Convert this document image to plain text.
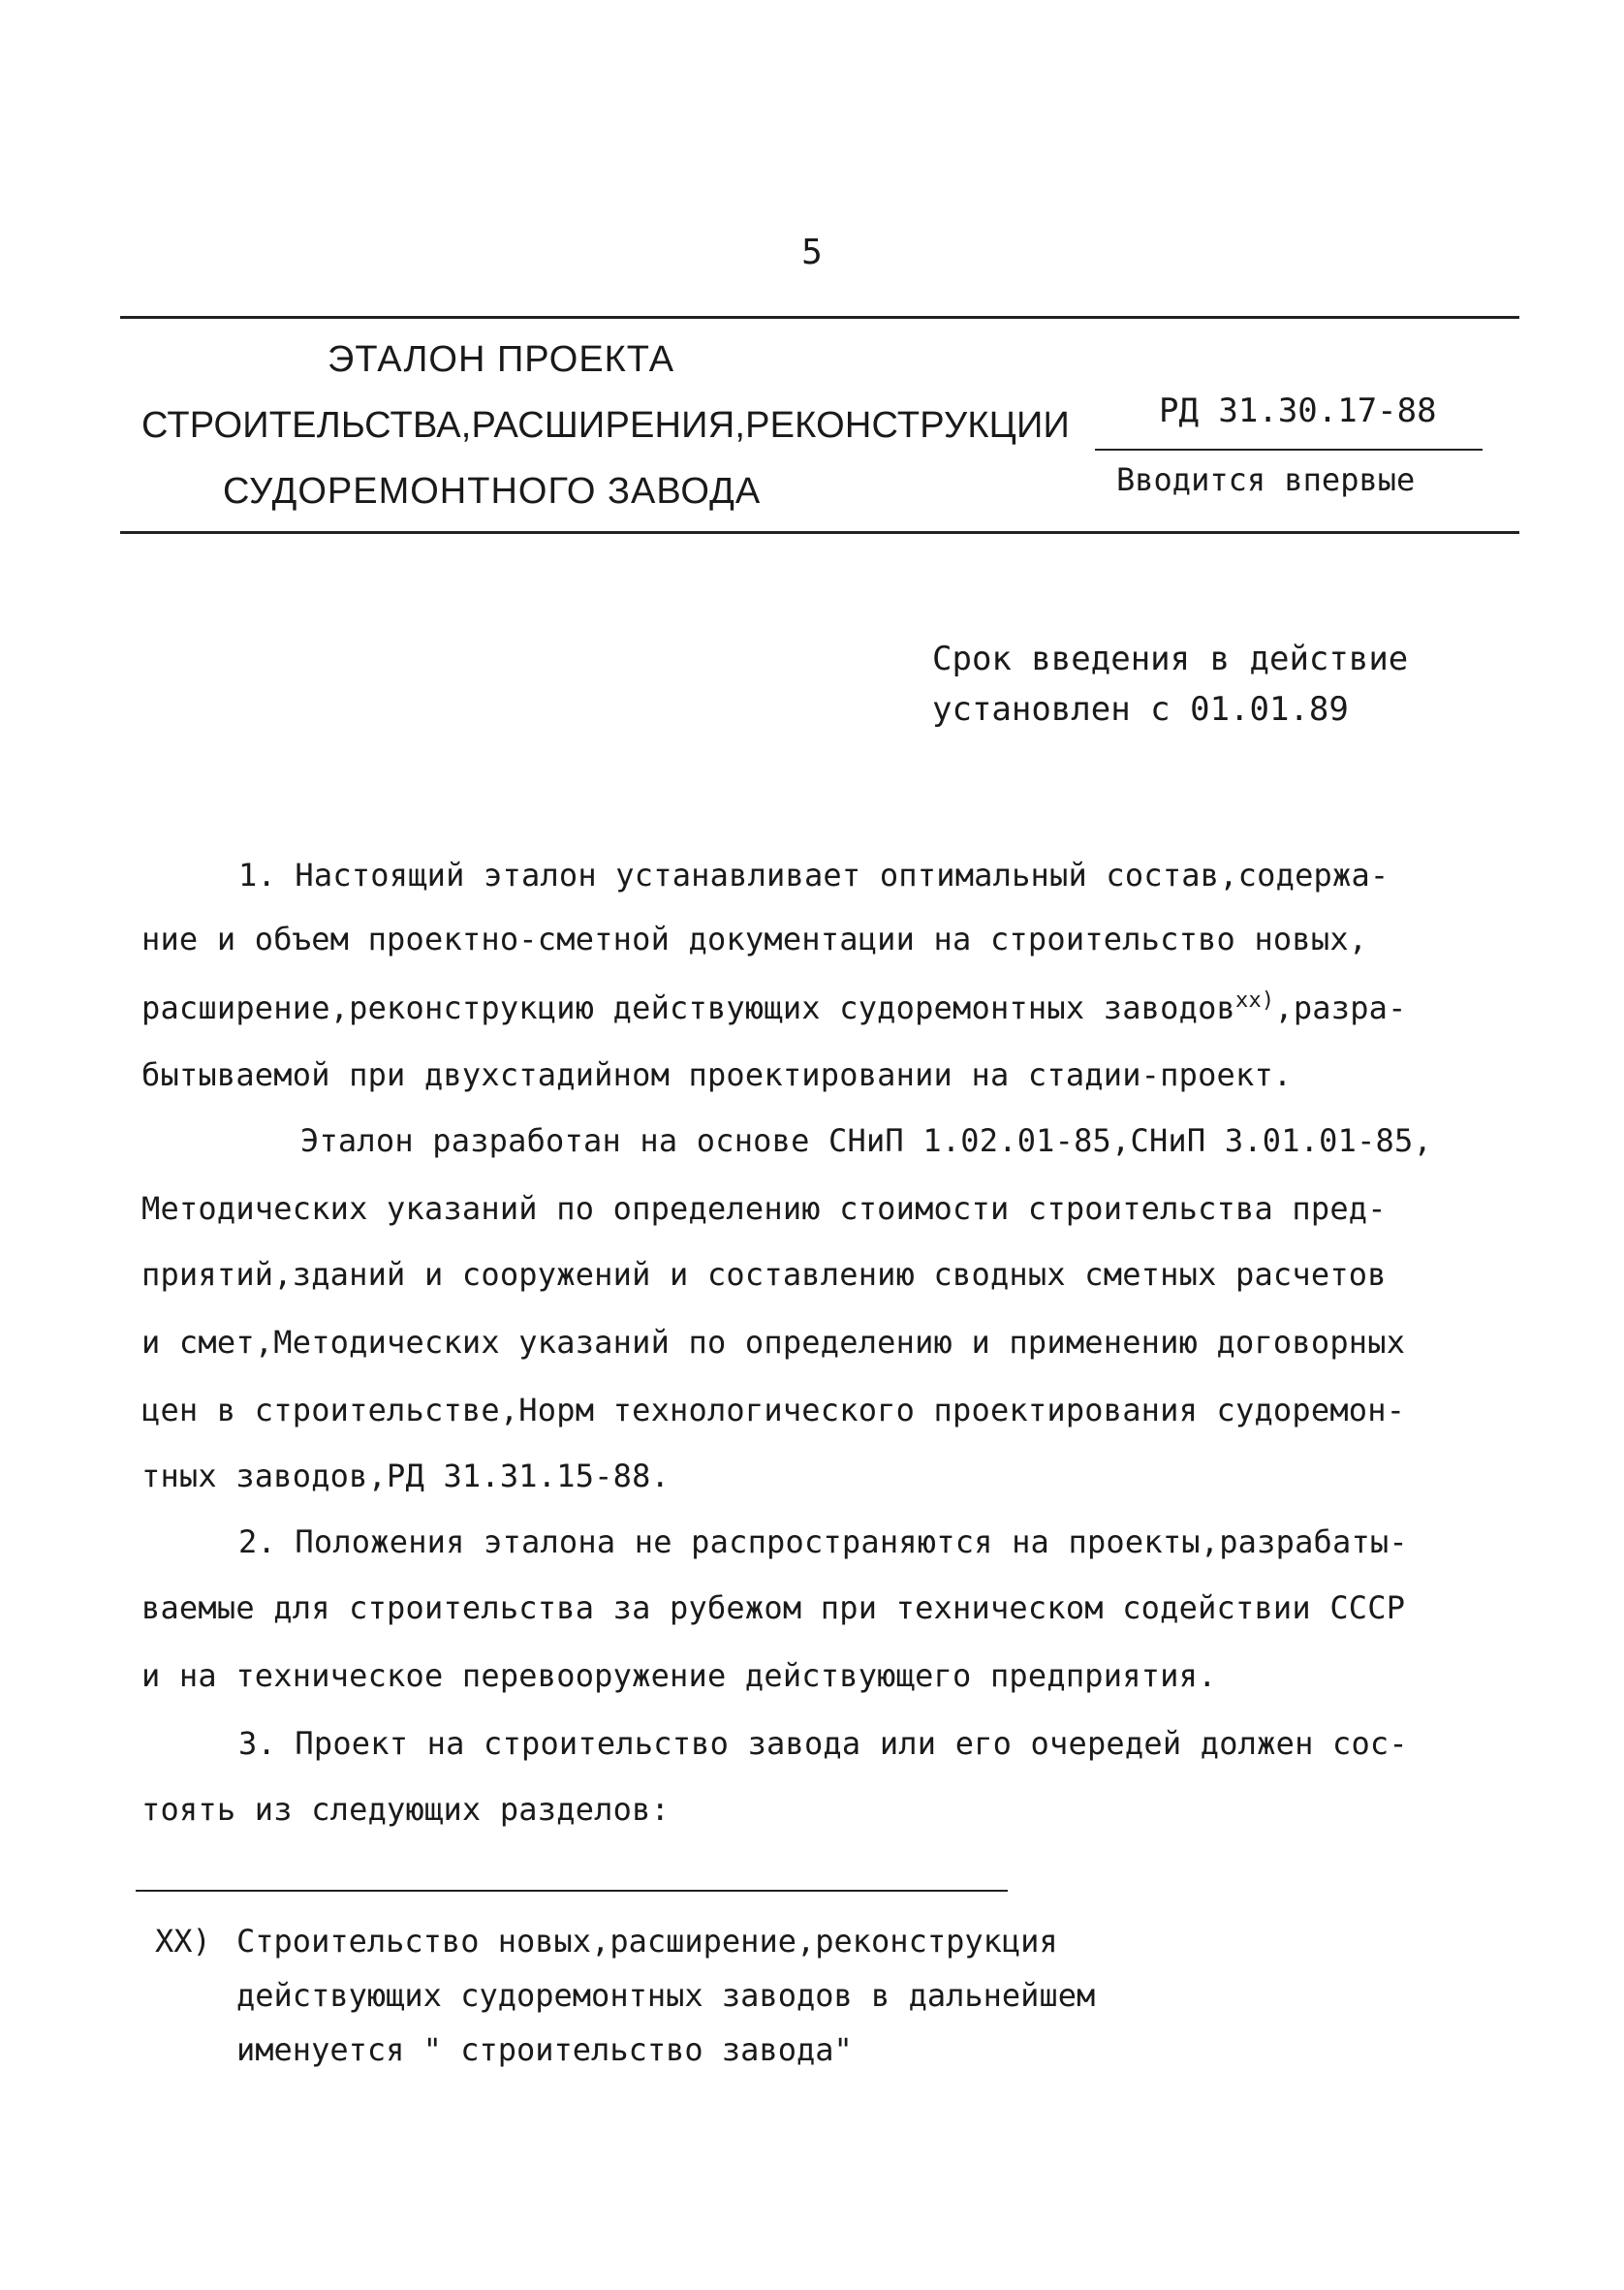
5
ЭТАЛОН ПРОЕКТА
СТРОИТЕЛЬСТВА,РАСШИРЕНИЯ,РЕКОНСТРУКЦИИ
СУДОРЕМОНТНОГО ЗАВОДА
РД 31.30.17-88
Вводится впервые
Срок введения в действие
установлен с 01.01.89
1. Настоящий эталон устанавливает оптимальный состав,содержа-
ние и объем проектно-сметной документации на строительство новых,
расширение,реконструкцию действующих судоремонтных заводов$^{xx)}$,разра-
бытываемой при двухстадийном проектировании на стадии-проект.
Эталон разработан на основе СНиП 1.02.01-85,СНиП 3.01.01-85,
Методических указаний по определению стоимости строительства пред-
приятий,зданий и сооружений и составлению сводных сметных расчетов
и смет,Методических указаний по определению и применению договорных
цен в строительстве,Норм технологического проектирования судоремон-
тных заводов,РД 31.31.15-88.
2. Положения эталона не распространяются на проекты,разрабаты-
ваемые для строительства за рубежом при техническом содействии СССР
и на техническое перевооружение действующего предприятия.
3. Проект на строительство завода или его очередей должен сос-
тоять из следующих разделов:
XX) Строительство новых,расширение,реконструкция
действующих судоремонтных заводов в дальнейшем
именуется " строительство завода"
